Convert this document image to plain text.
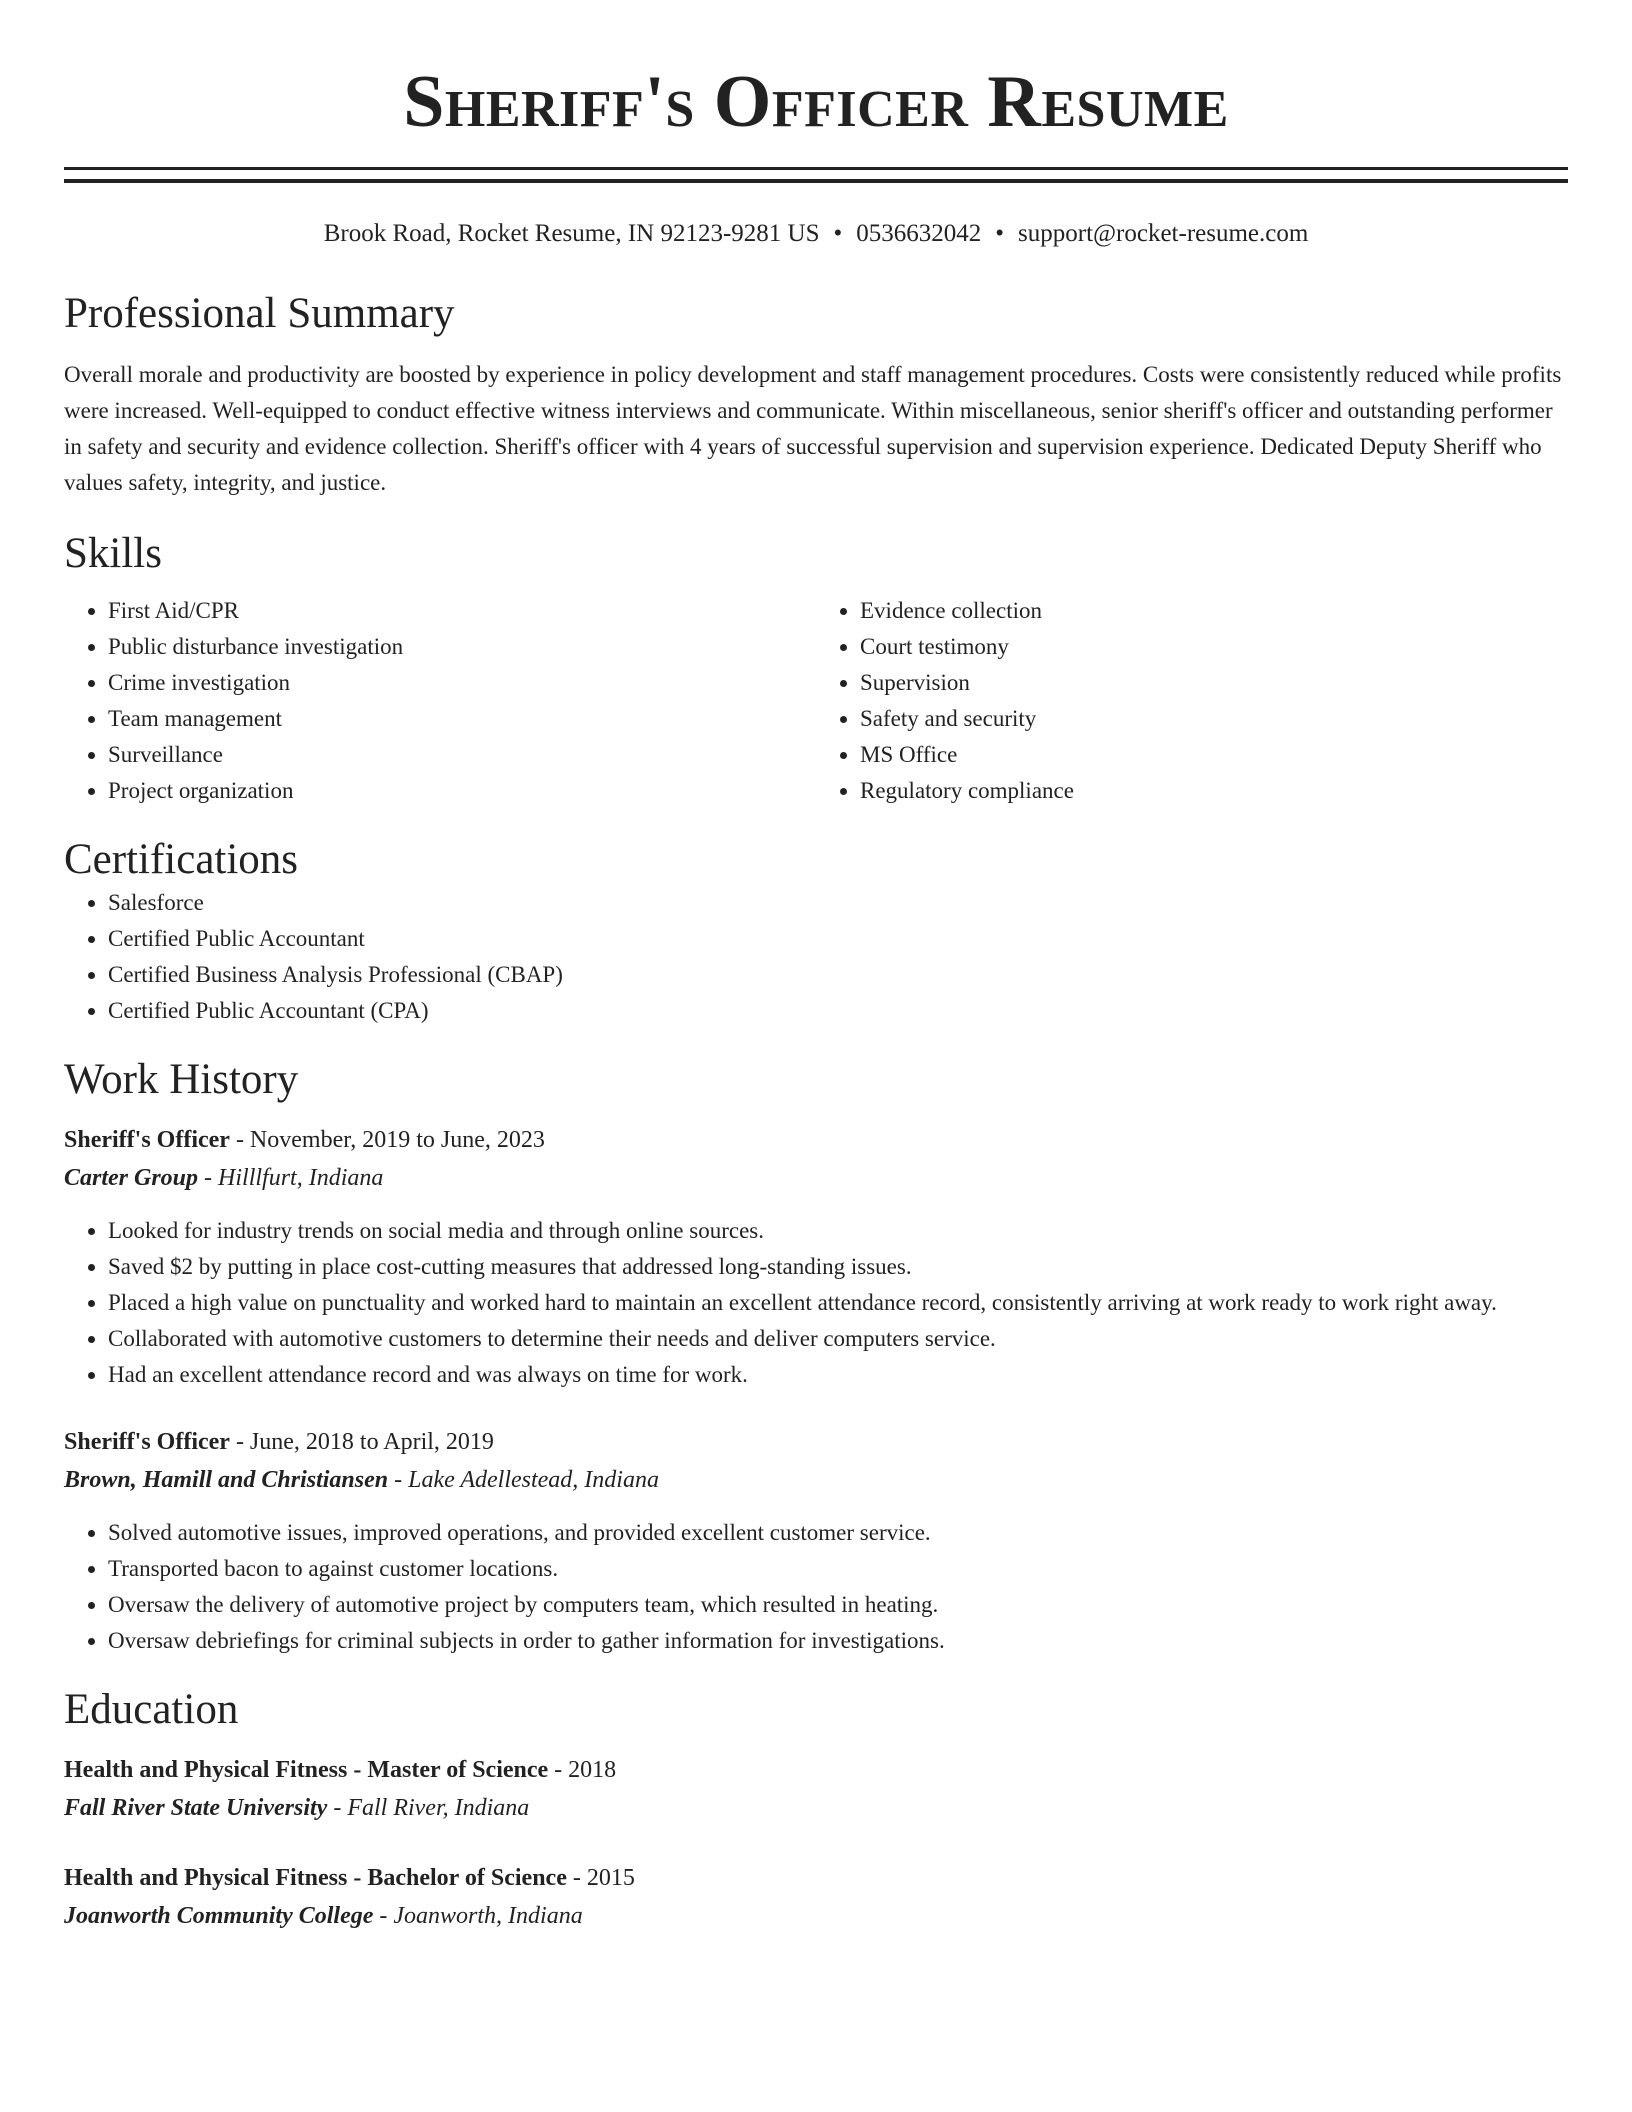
Sheriff's Officer Resume
Brook Road, Rocket Resume, IN 92123-9281 US • 0536632042 • support@rocket-resume.com
Professional Summary
Overall morale and productivity are boosted by experience in policy development and staff management procedures. Costs were consistently reduced while profits were increased. Well-equipped to conduct effective witness interviews and communicate. Within miscellaneous, senior sheriff's officer and outstanding performer in safety and security and evidence collection. Sheriff's officer with 4 years of successful supervision and supervision experience. Dedicated Deputy Sheriff who values safety, integrity, and justice.
Skills
• First Aid/CPR
• Public disturbance investigation
• Crime investigation
• Team management
• Surveillance
• Project organization
• Evidence collection
• Court testimony
• Supervision
• Safety and security
• MS Office
• Regulatory compliance
Certifications
• Salesforce
• Certified Public Accountant
• Certified Business Analysis Professional (CBAP)
• Certified Public Accountant (CPA)
Work History
Sheriff's Officer - November, 2019 to June, 2023
Carter Group - Hilllfurt, Indiana
• Looked for industry trends on social media and through online sources.
• Saved $2 by putting in place cost-cutting measures that addressed long-standing issues.
• Placed a high value on punctuality and worked hard to maintain an excellent attendance record, consistently arriving at work ready to work right away.
• Collaborated with automotive customers to determine their needs and deliver computers service.
• Had an excellent attendance record and was always on time for work.
Sheriff's Officer - June, 2018 to April, 2019
Brown, Hamill and Christiansen - Lake Adellestead, Indiana
• Solved automotive issues, improved operations, and provided excellent customer service.
• Transported bacon to against customer locations.
• Oversaw the delivery of automotive project by computers team, which resulted in heating.
• Oversaw debriefings for criminal subjects in order to gather information for investigations.
Education
Health and Physical Fitness - Master of Science - 2018
Fall River State University - Fall River, Indiana
Health and Physical Fitness - Bachelor of Science - 2015
Joanworth Community College - Joanworth, Indiana
